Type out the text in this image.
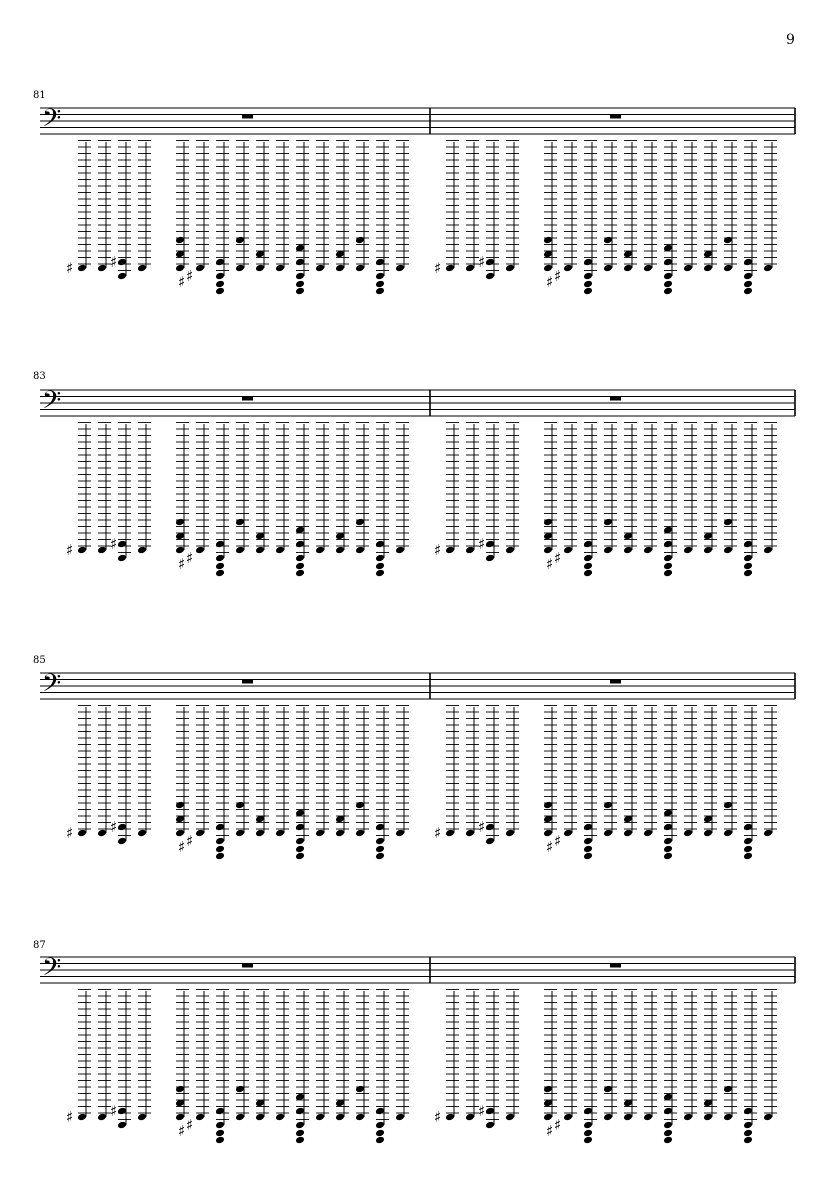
9
81
83
85
87
𝄢
♯ ♯
♯ ♯	♯ ♯
♯ ♯
𝄢
♯ ♯
♯ ♯	♯ ♯
♯ ♯
𝄢
♯ ♯
♯ ♯	♯ ♯
♯ ♯
𝄢
♯ ♯
♯ ♯	♯ ♯
♯ ♯
